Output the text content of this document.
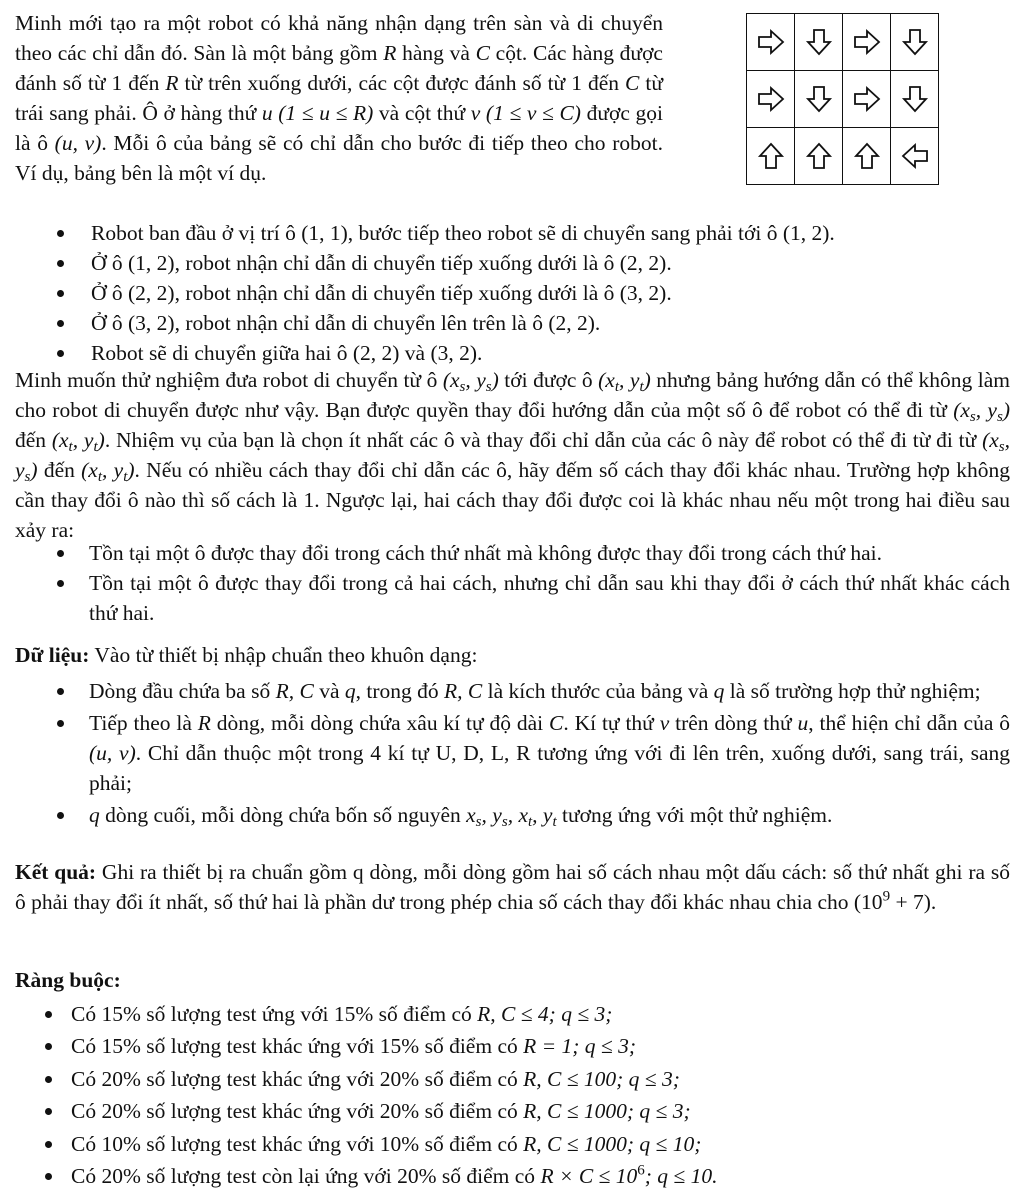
Minh mới tạo ra một robot có khả năng nhận dạng trên sàn và di chuyển theo các chỉ dẫn đó. Sàn là một bảng gồm R hàng và C cột. Các hàng được đánh số từ 1 đến R từ trên xuống dưới, các cột được đánh số từ 1 đến C từ trái sang phải. Ô ở hàng thứ u (1 ≤ u ≤ R) và cột thứ v (1 ≤ v ≤ C) được gọi là ô (u, v). Mỗi ô của bảng sẽ có chỉ dẫn cho bước đi tiếp theo cho robot. Ví dụ, bảng bên là một ví dụ.

Robot ban đầu ở vị trí ô (1, 1), bước tiếp theo robot sẽ di chuyển sang phải tới ô (1, 2).
Ở ô (1, 2), robot nhận chỉ dẫn di chuyển tiếp xuống dưới là ô (2, 2).
Ở ô (2, 2), robot nhận chỉ dẫn di chuyển tiếp xuống dưới là ô (3, 2).
Ở ô (3, 2), robot nhận chỉ dẫn di chuyển lên trên là ô (2, 2).
Robot sẽ di chuyển giữa hai ô (2, 2) và (3, 2).

Minh muốn thử nghiệm đưa robot di chuyển từ ô ($x_s$, $y_s$) tới được ô ($x_t$, $y_t$) nhưng bảng hướng dẫn có thể không làm cho robot di chuyển được như vậy. Bạn được quyền thay đổi hướng dẫn của một số ô để robot có thể đi từ ($x_s$, $y_s$) đến ($x_t$, $y_t$). Nhiệm vụ của bạn là chọn ít nhất các ô và thay đổi chỉ dẫn của các ô này để robot có thể đi từ đi từ ($x_s$, $y_s$) đến ($x_t$, $y_t$). Nếu có nhiều cách thay đổi chỉ dẫn các ô, hãy đếm số cách thay đổi khác nhau. Trường hợp không cần thay đổi ô nào thì số cách là 1. Ngược lại, hai cách thay đổi được coi là khác nhau nếu một trong hai điều sau xảy ra:

Tồn tại một ô được thay đổi trong cách thứ nhất mà không được thay đổi trong cách thứ hai.
Tồn tại một ô được thay đổi trong cả hai cách, nhưng chỉ dẫn sau khi thay đổi ở cách thứ nhất khác cách thứ hai.

Dữ liệu: Vào từ thiết bị nhập chuẩn theo khuôn dạng:

Dòng đầu chứa ba số R, C và q, trong đó R, C là kích thước của bảng và q là số trường hợp thử nghiệm;
Tiếp theo là R dòng, mỗi dòng chứa xâu kí tự độ dài C. Kí tự thứ v trên dòng thứ u, thể hiện chỉ dẫn của ô (u, v). Chỉ dẫn thuộc một trong 4 kí tự U, D, L, R tương ứng với đi lên trên, xuống dưới, sang trái, sang phải;
q dòng cuối, mỗi dòng chứa bốn số nguyên $x_s$, $y_s$, $x_t$, $y_t$ tương ứng với một thử nghiệm.

Kết quả: Ghi ra thiết bị ra chuẩn gồm q dòng, mỗi dòng gồm hai số cách nhau một dấu cách: số thứ nhất ghi ra số ô phải thay đổi ít nhất, số thứ hai là phần dư trong phép chia số cách thay đổi khác nhau chia cho $(10^9 + 7)$.

Ràng buộc:

Có 15% số lượng test ứng với 15% số điểm có R, C ≤ 4; q ≤ 3;
Có 15% số lượng test khác ứng với 15% số điểm có R = 1; q ≤ 3;
Có 20% số lượng test khác ứng với 20% số điểm có R, C ≤ 100; q ≤ 3;
Có 20% số lượng test khác ứng với 20% số điểm có R, C ≤ 1000; q ≤ 3;
Có 10% số lượng test khác ứng với 10% số điểm có R, C ≤ 1000; q ≤ 10;
Có 20% số lượng test còn lại ứng với 20% số điểm có $R \times C \le 10^6$; q ≤ 10.
